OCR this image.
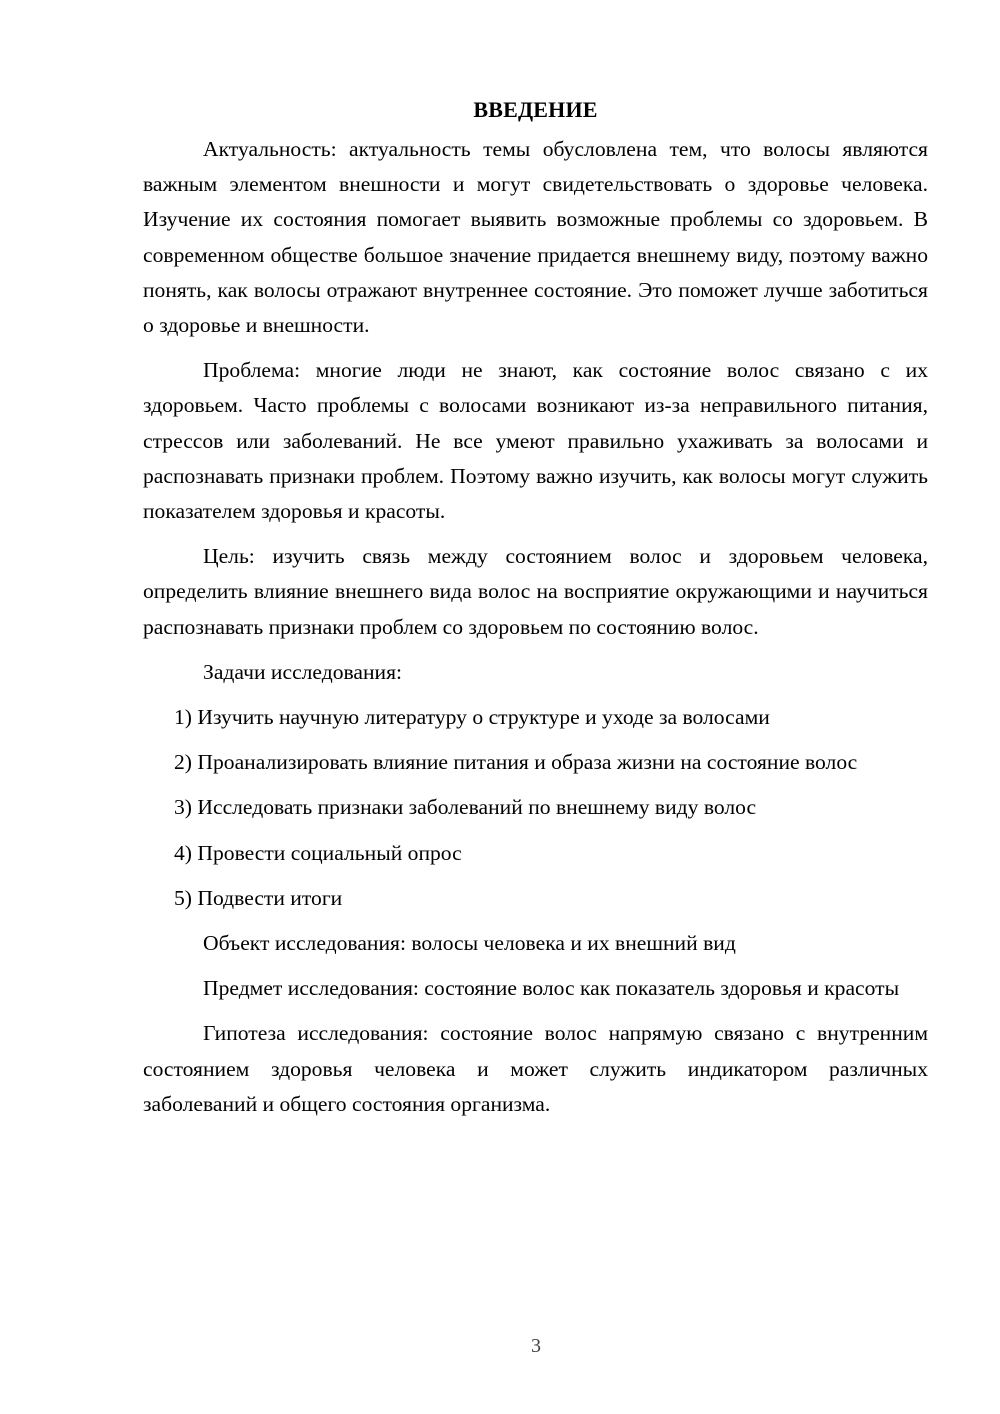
ВВЕДЕНИЕ

Актуальность: актуальность темы обусловлена тем, что волосы являются важным элементом внешности и могут свидетельствовать о здоровье человека. Изучение их состояния помогает выявить возможные проблемы со здоровьем. В современном обществе большое значение придается внешнему виду, поэтому важно понять, как волосы отражают внутреннее состояние. Это поможет лучше заботиться о здоровье и внешности.

Проблема: многие люди не знают, как состояние волос связано с их здоровьем. Часто проблемы с волосами возникают из-за неправильного питания, стрессов или заболеваний. Не все умеют правильно ухаживать за волосами и распознавать признаки проблем. Поэтому важно изучить, как волосы могут служить показателем здоровья и красоты.

Цель: изучить связь между состоянием волос и здоровьем человека, определить влияние внешнего вида волос на восприятие окружающими и научиться распознавать признаки проблем со здоровьем по состоянию волос.

Задачи исследования:

1) Изучить научную литературу о структуре и уходе за волосами

2) Проанализировать влияние питания и образа жизни на состояние волос

3) Исследовать признаки заболеваний по внешнему виду волос

4) Провести социальный опрос

5) Подвести итоги

Объект исследования: волосы человека и их внешний вид

Предмет исследования: состояние волос как показатель здоровья и красоты

Гипотеза исследования: состояние волос напрямую связано с внутренним состоянием здоровья человека и может служить индикатором различных заболеваний и общего состояния организма.

3
